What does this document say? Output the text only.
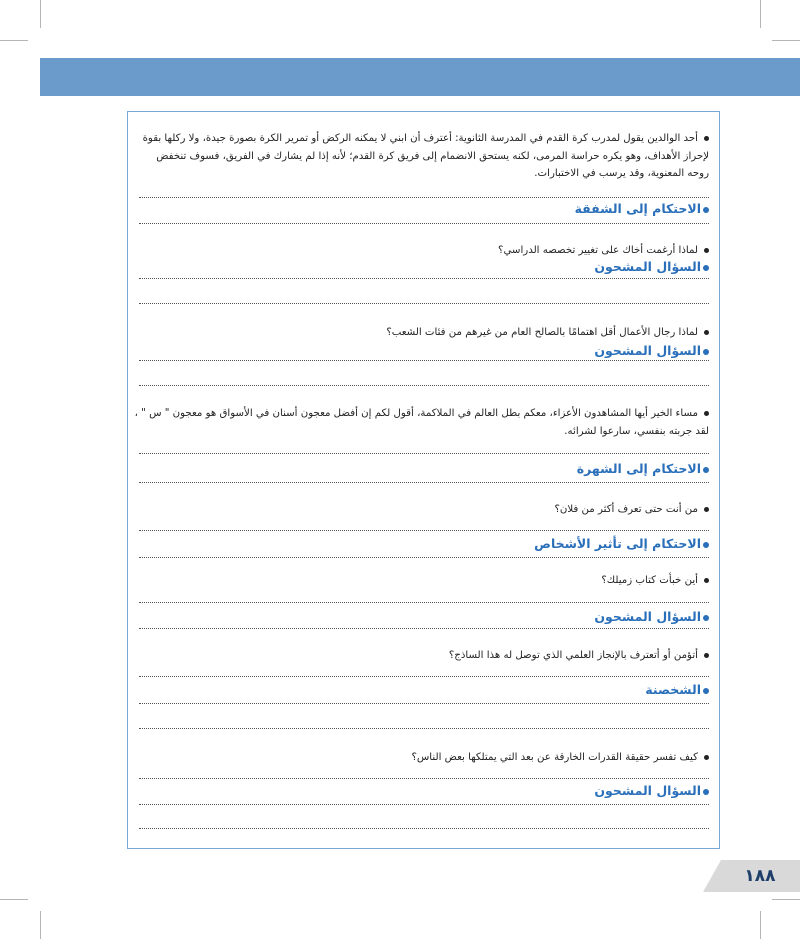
أحد الوالدين يقول لمدرب كرة القدم في المدرسة الثانوية: أعترف أن ابني لا يمكنه الركض أو تمرير الكرة بصورة جيدة، ولا ركلها بقوة لإحراز الأهداف، وهو يكره حراسة المرمى، لكنه يستحق الانضمام إلى فريق كرة القدم؛ لأنه إذا لم يشارك في الفريق، فسوف تنخفض روحه المعنوية، وقد يرسب في الاختبارات.
الاحتكام إلى الشفقة
لماذا أرغمت أخاك على تغيير تخصصه الدراسي؟
السؤال المشحون
لماذا رجال الأعمال أقل اهتمامًا بالصالح العام من غيرهم من فئات الشعب؟
السؤال المشحون
مساء الخير أيها المشاهدون الأعزاء، معكم بطل العالم في الملاكمة، أقول لكم إن أفضل معجون أسنان في الأسواق هو معجون " س " ، لقد جربته بنفسي، سارعوا لشرائه.
الاحتكام إلى الشهرة
من أنت حتى تعرف أكثر من فلان؟
الاحتكام إلى تأثير الأشخاص
أين خبأت كتاب زميلك؟
السؤال المشحون
أتؤمن أو أتعترف بالإنجاز العلمي الذي توصل له هذا الساذج؟
الشخصنة
كيف تفسر حقيقة القدرات الخارقة عن بعد التي يمتلكها بعض الناس؟
السؤال المشحون
١٨٨
